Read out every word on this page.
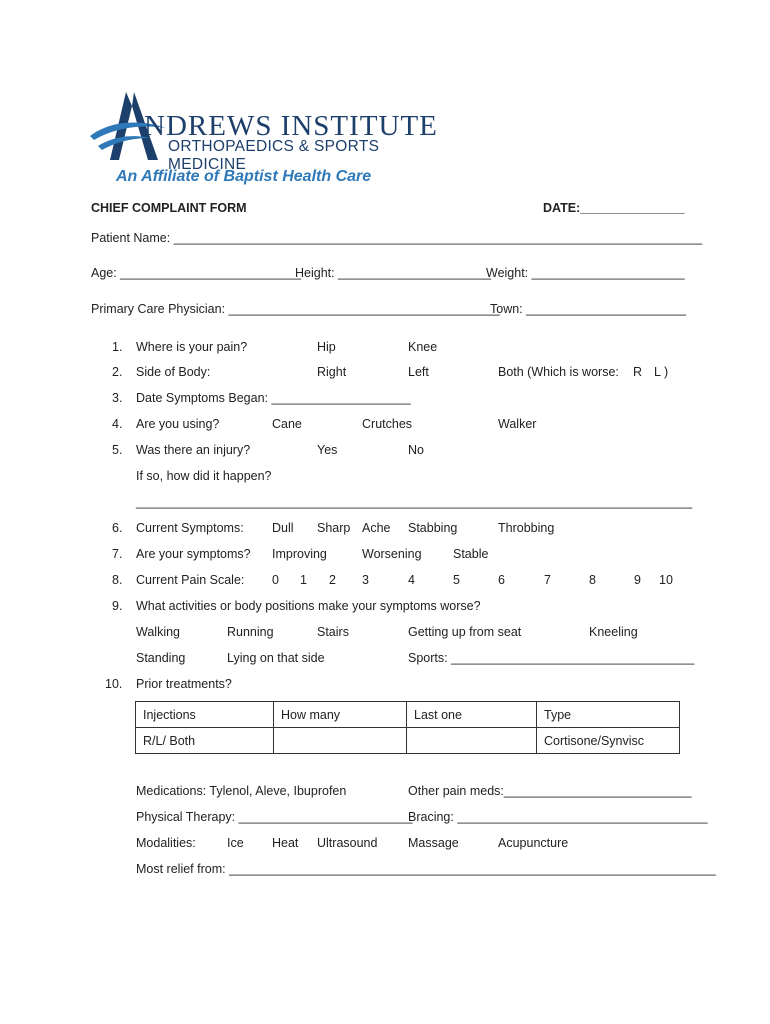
NDREWS INSTITUTE
ORTHOPAEDICS & SPORTS MEDICINE
An Affiliate of Baptist Health Care
CHIEF COMPLAINT FORM	DATE:_______________
Patient Name: ____________________________________________________________________________
Age: __________________________
Height: ______________________
Weight: ______________________
Primary Care Physician: _______________________________________
Town: _______________________
1. Where is your pain?	Hip	Knee
2. Side of Body:	Right	Left	Both (Which is worse: R L )
3. Date Symptoms Began: ____________________
4. Are you using?	Cane	Crutches	Walker
5. Was there an injury?	Yes	No
If so, how did it happen?
________________________________________________________________________________
6. Current Symptoms: Dull Sharp Ache Stabbing	Throbbing
7. Are your symptoms? Improving	Worsening	Stable
8. Current Pain Scale: 0 1 2 3	4	5	6	7	8	9 10
9. What activities or body positions make your symptoms worse?
Walking	Running	Stairs	Getting up from seat	Kneeling
Standing	Lying on that side	Sports: ___________________________________
10. Prior treatments?
Injections	How many	Last one	Type
R/L/ Both			Cortisone/Synvisc
Medications: Tylenol, Aleve, Ibuprofen	Other pain meds:___________________________
Physical Therapy: _________________________
Bracing: ____________________________________
Modalities:	Ice Heat Ultrasound Massage	Acupuncture
Most relief from: ______________________________________________________________________
